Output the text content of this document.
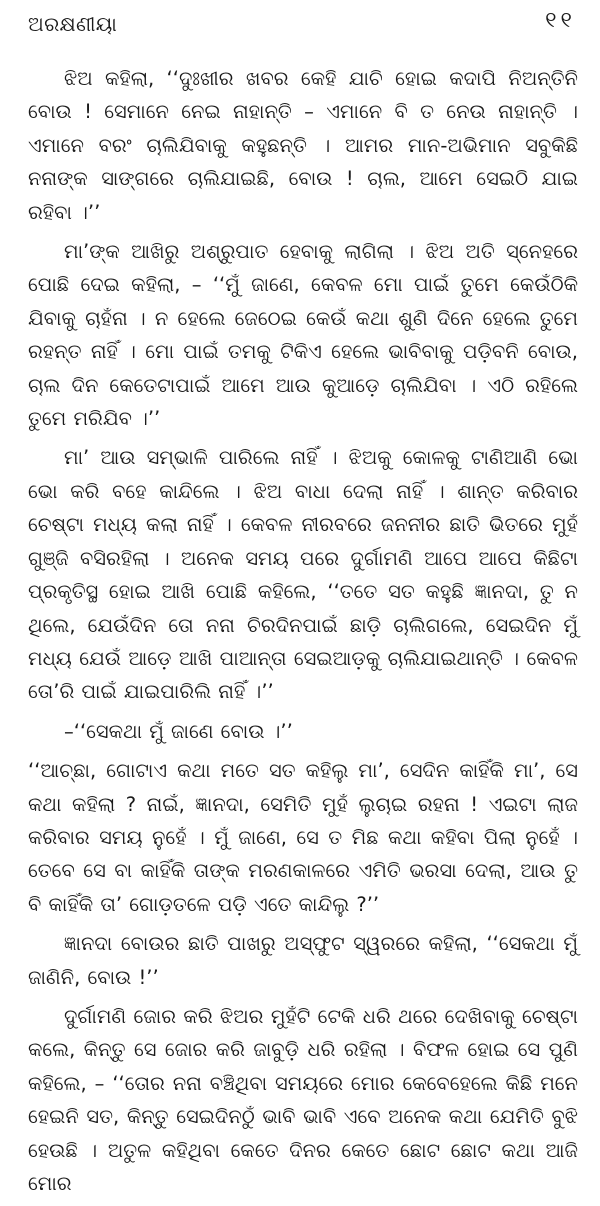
ଅରକ୍ଷଣୀୟା	୧୧

ଝିଅ କହିଲା, ‘‘ଦୁଃଖୀର ଖବର କେହି ଯାଚି ହୋଇ କଦାପି ନିଅନ୍ତିନି ବୋଉ ! ସେମାନେ ନେଇ ନାହାନ୍ତି – ଏମାନେ ବି ତ ନେଉ ନାହାନ୍ତି । ଏମାନେ ବରଂ ଚାଲିଯିବାକୁ କହୁଛନ୍ତି । ଆମର ମାନ-ଅଭିମାନ ସବୁକିଛି ନନାଙ୍କ ସାଙ୍ଗରେ ଚାଲିଯାଇଛି, ବୋଉ ! ଚାଲ, ଆମେ ସେଇଠି ଯାଇ ରହିବା ।’’

ମା’ଙ୍କ ଆଖିରୁ ଅଶ୍ରୁପାତ ହେବାକୁ ଲାଗିଲା । ଝିଅ ଅତି ସ୍ନେହରେ ପୋଛି ଦେଇ କହିଲା, – ‘‘ମୁଁ ଜାଣେ, କେବଳ ମୋ ପାଇଁ ତୁମେ କେଉଁଠିକି ଯିବାକୁ ଚାହଁନା । ନ ହେଲେ ଜେଠେଇ କେଉଁ କଥା ଶୁଣି ଦିନେ ହେଲେ ତୁମେ ରହନ୍ତ ନାହିଁ । ମୋ ପାଇଁ ତମକୁ ଟିକିଏ ହେଲେ ଭାବିବାକୁ ପଡ଼ିବନି ବୋଉ, ଚାଲ ଦିନ କେତେଟାପାଇଁ ଆମେ ଆଉ କୁଆଡ଼େ ଚାଲିଯିବା । ଏଠି ରହିଲେ ତୁମେ ମରିଯିବ ।’’

ମା’ ଆଉ ସମ୍ଭାଳି ପାରିଲେ ନାହିଁ । ଝିଅକୁ କୋଳକୁ ଟାଣିଆଣି ଭୋ ଭୋ କରି ବହେ କାନ୍ଦିଲେ । ଝିଅ ବାଧା ଦେଲା ନାହିଁ । ଶାନ୍ତ କରିବାର ଚେଷ୍ଟା ମଧ୍ୟ କଲା ନାହିଁ । କେବଳ ନୀରବରେ ଜନନୀର ଛାତି ଭିତରେ ମୁହଁ ଗୁଞ୍ଜି ବସିରହିଲା । ଅନେକ ସମୟ ପରେ ଦୁର୍ଗାମଣି ଆପେ ଆପେ କିଛିଟା ପ୍ରକୃତିସ୍ଥ ହୋଇ ଆଖି ପୋଛି କହିଲେ, ‘‘ତତେ ସତ କହୁଛି ଜ୍ଞାନଦା, ତୁ ନ ଥିଲେ, ଯେଉଁଦିନ ତୋ ନନା ଚିରଦିନପାଇଁ ଛାଡ଼ି ଚାଲିଗଲେ, ସେଇଦିନ ମୁଁ ମଧ୍ୟ ଯେଉଁ ଆଡ଼େ ଆଖି ପାଆନ୍ତା ସେଇଆଡ଼କୁ ଚାଲିଯାଇଥାନ୍ତି । କେବଳ ତୋ’ରି ପାଇଁ ଯାଇପାରିଲି ନାହିଁ ।’’

–‘‘ସେକଥା ମୁଁ ଜାଣେ ବୋଉ ।’’

‘‘ଆଚ୍ଛା, ଗୋଟାଏ କଥା ମତେ ସତ କହିଲୁ ମା’, ସେଦିନ କାହିଁକି ମା’, ସେ କଥା କହିଲା ? ନାଇଁ, ଜ୍ଞାନଦା, ସେମିତି ମୁହଁ ଲୁଚାଇ ରହନା ! ଏଇଟା ଲାଜ କରିବାର ସମୟ ନୁହେଁ । ମୁଁ ଜାଣେ, ସେ ତ ମିଛ କଥା କହିବା ପିଲା ନୁହେଁ । ତେବେ ସେ ବା କାହିଁକି ତାଙ୍କ ମରଣକାଳରେ ଏମିତି ଭରସା ଦେଲା, ଆଉ ତୁ ବି କାହିଁକି ତା’ ଗୋଡ଼ତଳେ ପଡ଼ି ଏତେ କାନ୍ଦିଲୁ ?’’

ଜ୍ଞାନଦା ବୋଉର ଛାତି ପାଖରୁ ଅସ୍ଫୁଟ ସ୍ୱରରେ କହିଲା, ‘‘ସେକଥା ମୁଁ ଜାଣିନି, ବୋଉ !’’

ଦୁର୍ଗାମଣି ଜୋର କରି ଝିଅର ମୁହଁଟି ଟେକି ଧରି ଥରେ ଦେଖିବାକୁ ଚେଷ୍ଟା କଲେ, କିନ୍ତୁ ସେ ଜୋର କରି ଜାବୁଡ଼ି ଧରି ରହିଲା । ବିଫଳ ହୋଇ ସେ ପୁଣି କହିଲେ, – ‘‘ତୋର ନନା ବଞ୍ଚିଥିବା ସମୟରେ ମୋର କେବେହେଲେ କିଛି ମନେ ହେଇନି ସତ, କିନ୍ତୁ ସେଇଦିନଠୁଁ ଭାବି ଭାବି ଏବେ ଅନେକ କଥା ଯେମିତି ବୁଝି ହେଉଛି । ଅତୁଳ କହିଥିବା କେତେ ଦିନର କେତେ ଛୋଟ ଛୋଟ କଥା ଆଜି ମୋର
